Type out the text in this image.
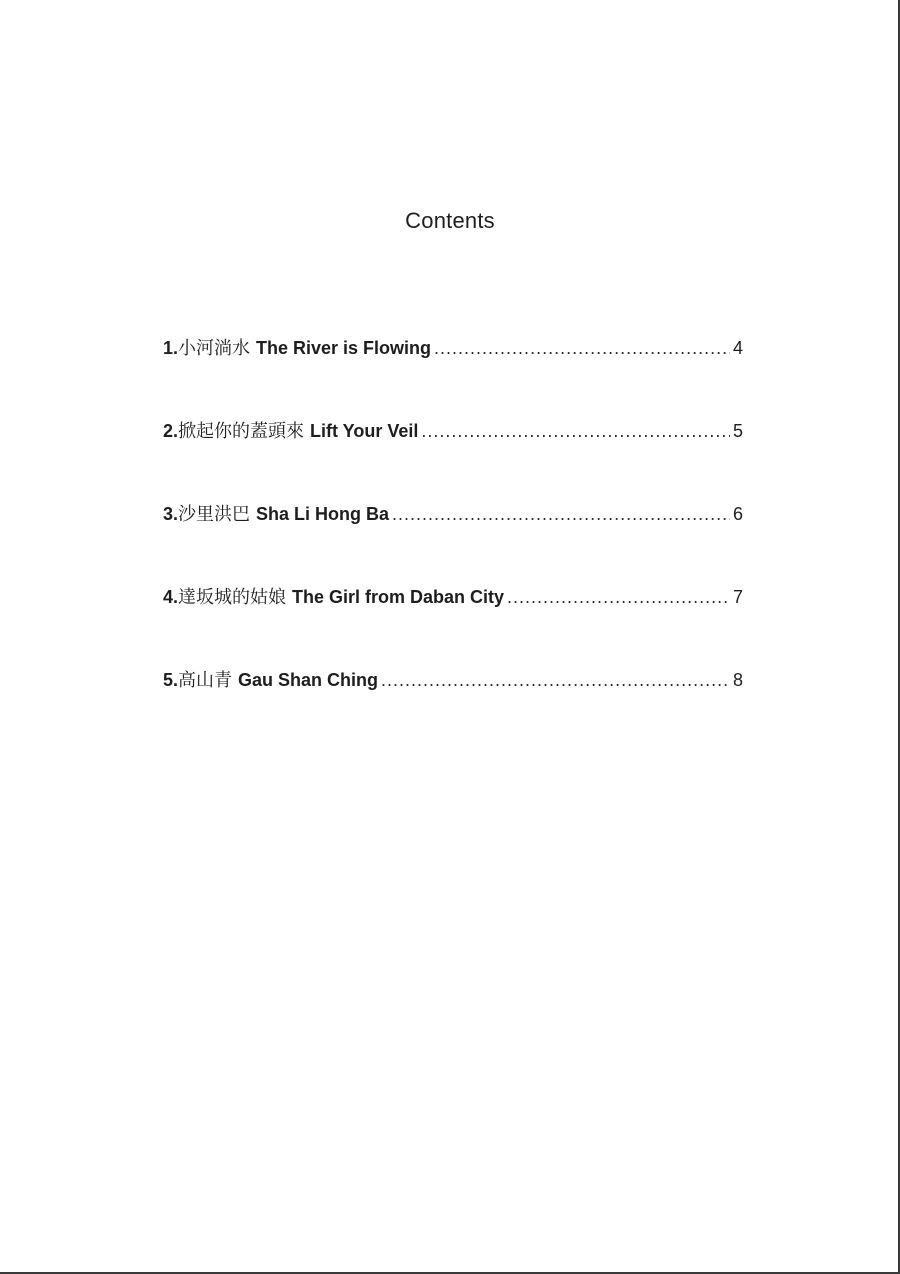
Contents
1. 小河淌水 The River is Flowing .....	4
2. 掀起你的蓋頭來 Lift Your Veil .....	5
3. 沙里洪巴 Sha Li Hong Ba .....	6
4. 達坂城的姑娘 The Girl from Daban City .....	7
5. 高山青 Gau Shan Ching .....	8
